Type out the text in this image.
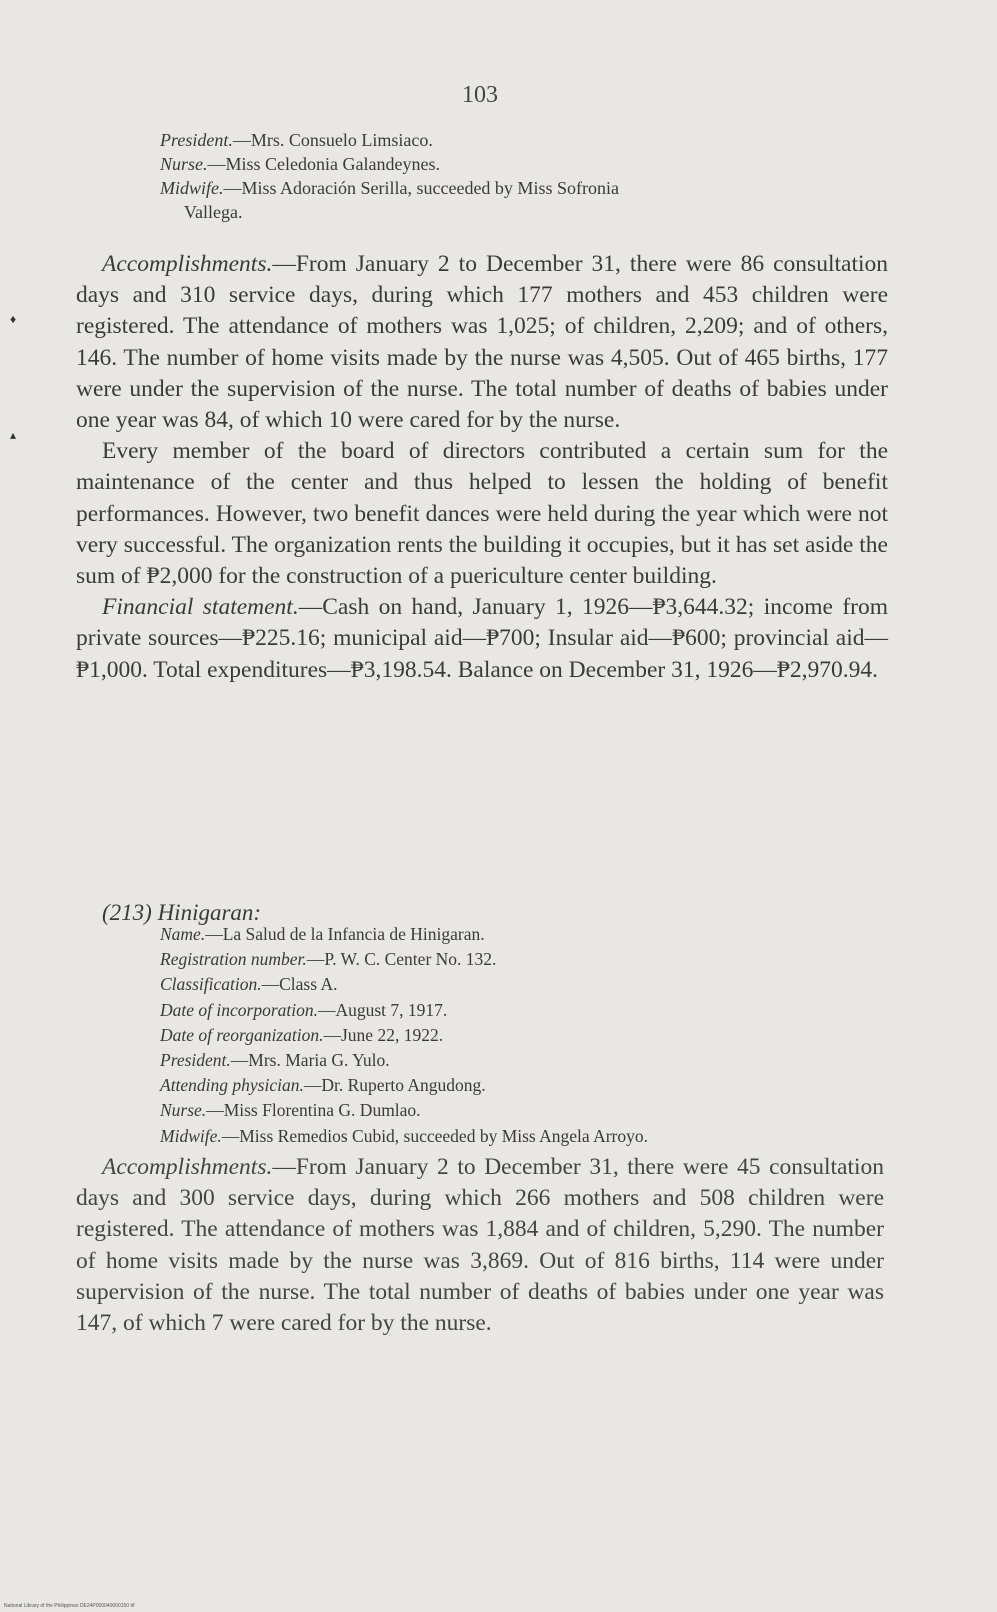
103
♦
▴
President.—Mrs. Consuelo Limsiaco.
Nurse.—Miss Celedonia Galandeynes.
Midwife.—Miss Adoración Serilla, succeeded by Miss Sofronia
Vallega.

Accomplishments.—From January 2 to December 31, there were 86 consultation days and 310 service days, during which 177 mothers and 453 children were registered. The attendance of mothers was 1,025; of children, 2,209; and of others, 146. The number of home visits made by the nurse was 4,505. Out of 465 births, 177 were under the supervision of the nurse. The total number of deaths of babies under one year was 84, of which 10 were cared for by the nurse.

Every member of the board of directors contributed a certain sum for the maintenance of the center and thus helped to lessen the holding of benefit performances. However, two benefit dances were held during the year which were not very successful. The organization rents the building it occupies, but it has set aside the sum of ₱2,000 for the construction of a puericulture center building.

Financial statement.—Cash on hand, January 1, 1926—₱3,644.32; income from private sources—₱225.16; municipal aid—₱700; Insular aid—₱600; provincial aid—₱1,000. Total expenditures—₱3,198.54. Balance on December 31, 1926—₱2,970.94.

(213) Hinigaran:
Name.—La Salud de la Infancia de Hinigaran.
Registration number.—P. W. C. Center No. 132.
Classification.—Class A.
Date of incorporation.—August 7, 1917.
Date of reorganization.—June 22, 1922.
President.—Mrs. Maria G. Yulo.
Attending physician.—Dr. Ruperto Angudong.
Nurse.—Miss Florentina G. Dumlao.
Midwife.—Miss Remedios Cubid, succeeded by Miss Angela Arroyo.

Accomplishments.—From January 2 to December 31, there were 45 consultation days and 300 service days, during which 266 mothers and 508 children were registered. The attendance of mothers was 1,884 and of children, 5,290. The number of home visits made by the nurse was 3,869. Out of 816 births, 114 were under supervision of the nurse. The total number of deaths of babies under one year was 147, of which 7 were cared for by the nurse.

National Library of the Philippines DE24P000040000150 tif
